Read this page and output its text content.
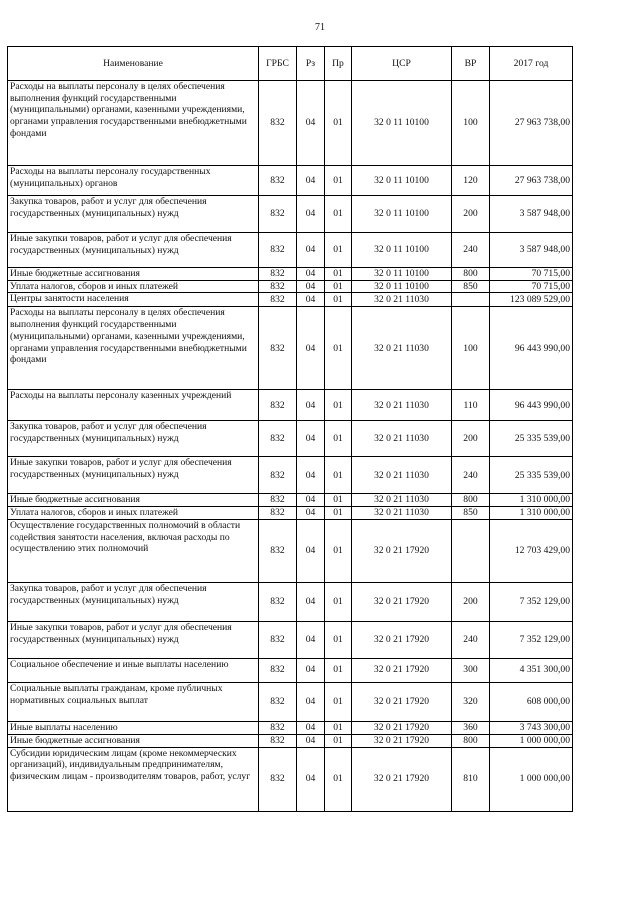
71
Наименование	ГРБС	Рз	Пр	ЦСР	ВР	2017 год
Расходы на выплаты персоналу в целях обеспечения выполнения функций государственными (муниципальными) органами, казенными учреждениями, органами управления государственными внебюджетными фондами	832	04	01	32 0 11 10100	100	27 963 738,00
Расходы на выплаты персоналу государственных (муниципальных) органов	832	04	01	32 0 11 10100	120	27 963 738,00
Закупка товаров, работ и услуг для обеспечения государственных (муниципальных) нужд	832	04	01	32 0 11 10100	200	3 587 948,00
Иные закупки товаров, работ и услуг для обеспечения государственных (муниципальных) нужд	832	04	01	32 0 11 10100	240	3 587 948,00
Иные бюджетные ассигнования	832	04	01	32 0 11 10100	800	70 715,00
Уплата налогов, сборов и иных платежей	832	04	01	32 0 11 10100	850	70 715,00
Центры занятости населения	832	04	01	32 0 21 11030		123 089 529,00
Расходы на выплаты персоналу в целях обеспечения выполнения функций государственными (муниципальными) органами, казенными учреждениями, органами управления государственными внебюджетными фондами	832	04	01	32 0 21 11030	100	96 443 990,00
Расходы на выплаты персоналу казенных учреждений	832	04	01	32 0 21 11030	110	96 443 990,00
Закупка товаров, работ и услуг для обеспечения государственных (муниципальных) нужд	832	04	01	32 0 21 11030	200	25 335 539,00
Иные закупки товаров, работ и услуг для обеспечения государственных (муниципальных) нужд	832	04	01	32 0 21 11030	240	25 335 539,00
Иные бюджетные ассигнования	832	04	01	32 0 21 11030	800	1 310 000,00
Уплата налогов, сборов и иных платежей	832	04	01	32 0 21 11030	850	1 310 000,00
Осуществление государственных полномочий в области содействия занятости населения, включая расходы по осуществлению этих полномочий	832	04	01	32 0 21 17920		12 703 429,00
Закупка товаров, работ и услуг для обеспечения государственных (муниципальных) нужд	832	04	01	32 0 21 17920	200	7 352 129,00
Иные закупки товаров, работ и услуг для обеспечения государственных (муниципальных) нужд	832	04	01	32 0 21 17920	240	7 352 129,00
Социальное обеспечение и иные выплаты населению	832	04	01	32 0 21 17920	300	4 351 300,00
Социальные выплаты гражданам, кроме публичных нормативных социальных выплат	832	04	01	32 0 21 17920	320	608 000,00
Иные выплаты населению	832	04	01	32 0 21 17920	360	3 743 300,00
Иные бюджетные ассигнования	832	04	01	32 0 21 17920	800	1 000 000,00
Субсидии юридическим лицам (кроме некоммерческих организаций), индивидуальным предпринимателям, физическим лицам - производителям товаров, работ, услуг	832	04	01	32 0 21 17920	810	1 000 000,00
